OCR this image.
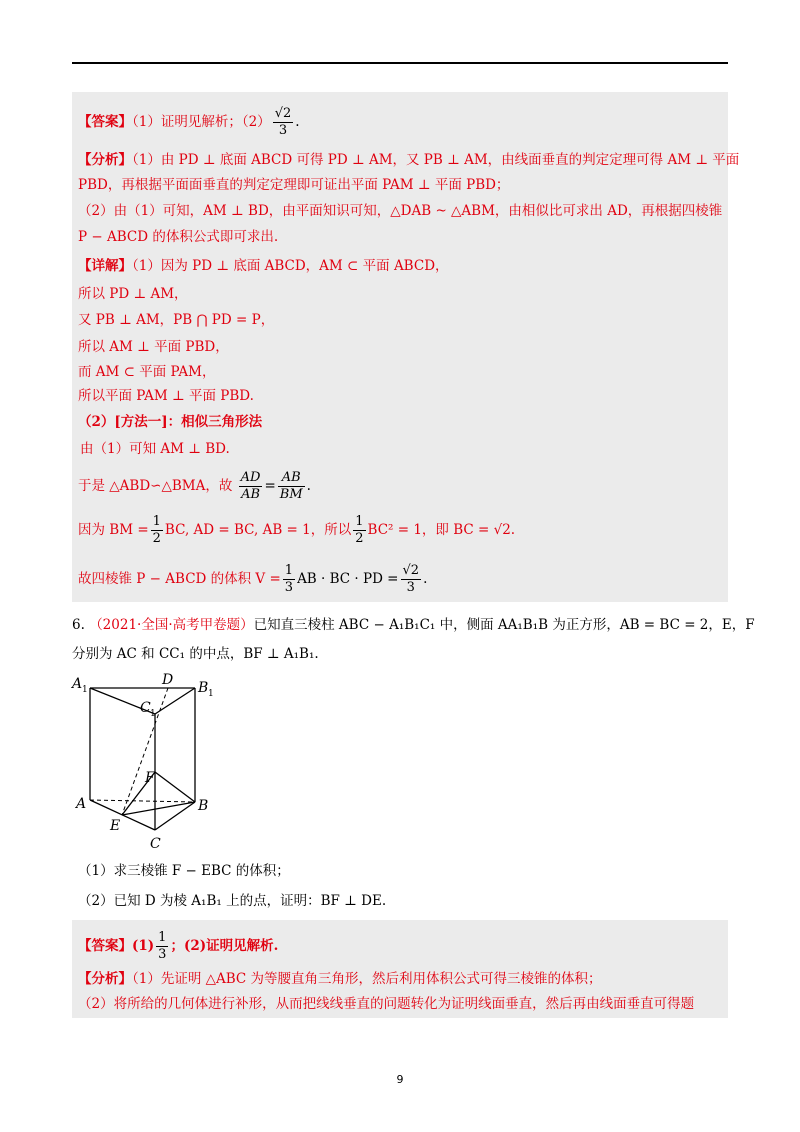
【答案】（1）证明见解析；$(2) \frac{√2}{3}$ .
【分析】（1）由 PD ⊥ 底面 ABCD 可得 PD ⊥ AM，又 PB ⊥ AM，由线面垂直的判定定理可得 AM ⊥ 平面
PBD，再根据平面面垂直的判定定理即可证出平面 PAM ⊥ 平面 PBD；
（2）由（1）可知，AM ⊥ BD，由平面知识可知，△DAB ~ △ABM，由相似比可求出 AD，再根据四棱锥
P − ABCD 的体积公式即可求出.
【详解】（1）因为 PD ⊥ 底面 ABCD，AM ⊂ 平面 ABCD，
所以 PD ⊥ AM，
又 PB ⊥ AM，PB ⋂ PD = P，
所以 AM ⊥ 平面 PBD，
而 AM ⊂ 平面 PAM，
所以平面 PAM ⊥ 平面 PBD.
（2）[方法一]：相似三角形法
由（1）可知 AM ⊥ BD.
于是 △ABD∽△BMA，故 $\frac{AD}{AB} = \frac{AB}{BM}$ .
因为 BM = $\frac{1}{2}$ BC, AD = BC, AB = 1，所以 $\frac{1}{2} BC^2 = 1$，即 BC = √2.
故四棱锥 P − ABCD 的体积 $V = \frac{1}{3}$ AB · BC · PD = $\frac{√2}{3}$ .
6. （2021·全国·高考甲卷题）已知直三棱柱 ABC − A₁B₁C₁ 中，侧面 AA₁B₁B 为正方形，AB = BC = 2，E，F
分别为 AC 和 CC₁ 的中点，BF ⊥ A₁B₁.
A 1
D B 1
C 1
F
A	B
E
C
（1）求三棱锥 F − EBC 的体积；
（2）已知 D 为棱 A₁B₁ 上的点，证明：BF ⊥ DE.
【答案】$(1) \frac{1}{3}$ ；(2)证明见解析.
【分析】（1）先证明 △ABC 为等腰直角三角形，然后利用体积公式可得三棱锥的体积；
（2）将所给的几何体进行补形，从而把线线垂直的问题转化为证明线面垂直，然后再由线面垂直可得题
9
